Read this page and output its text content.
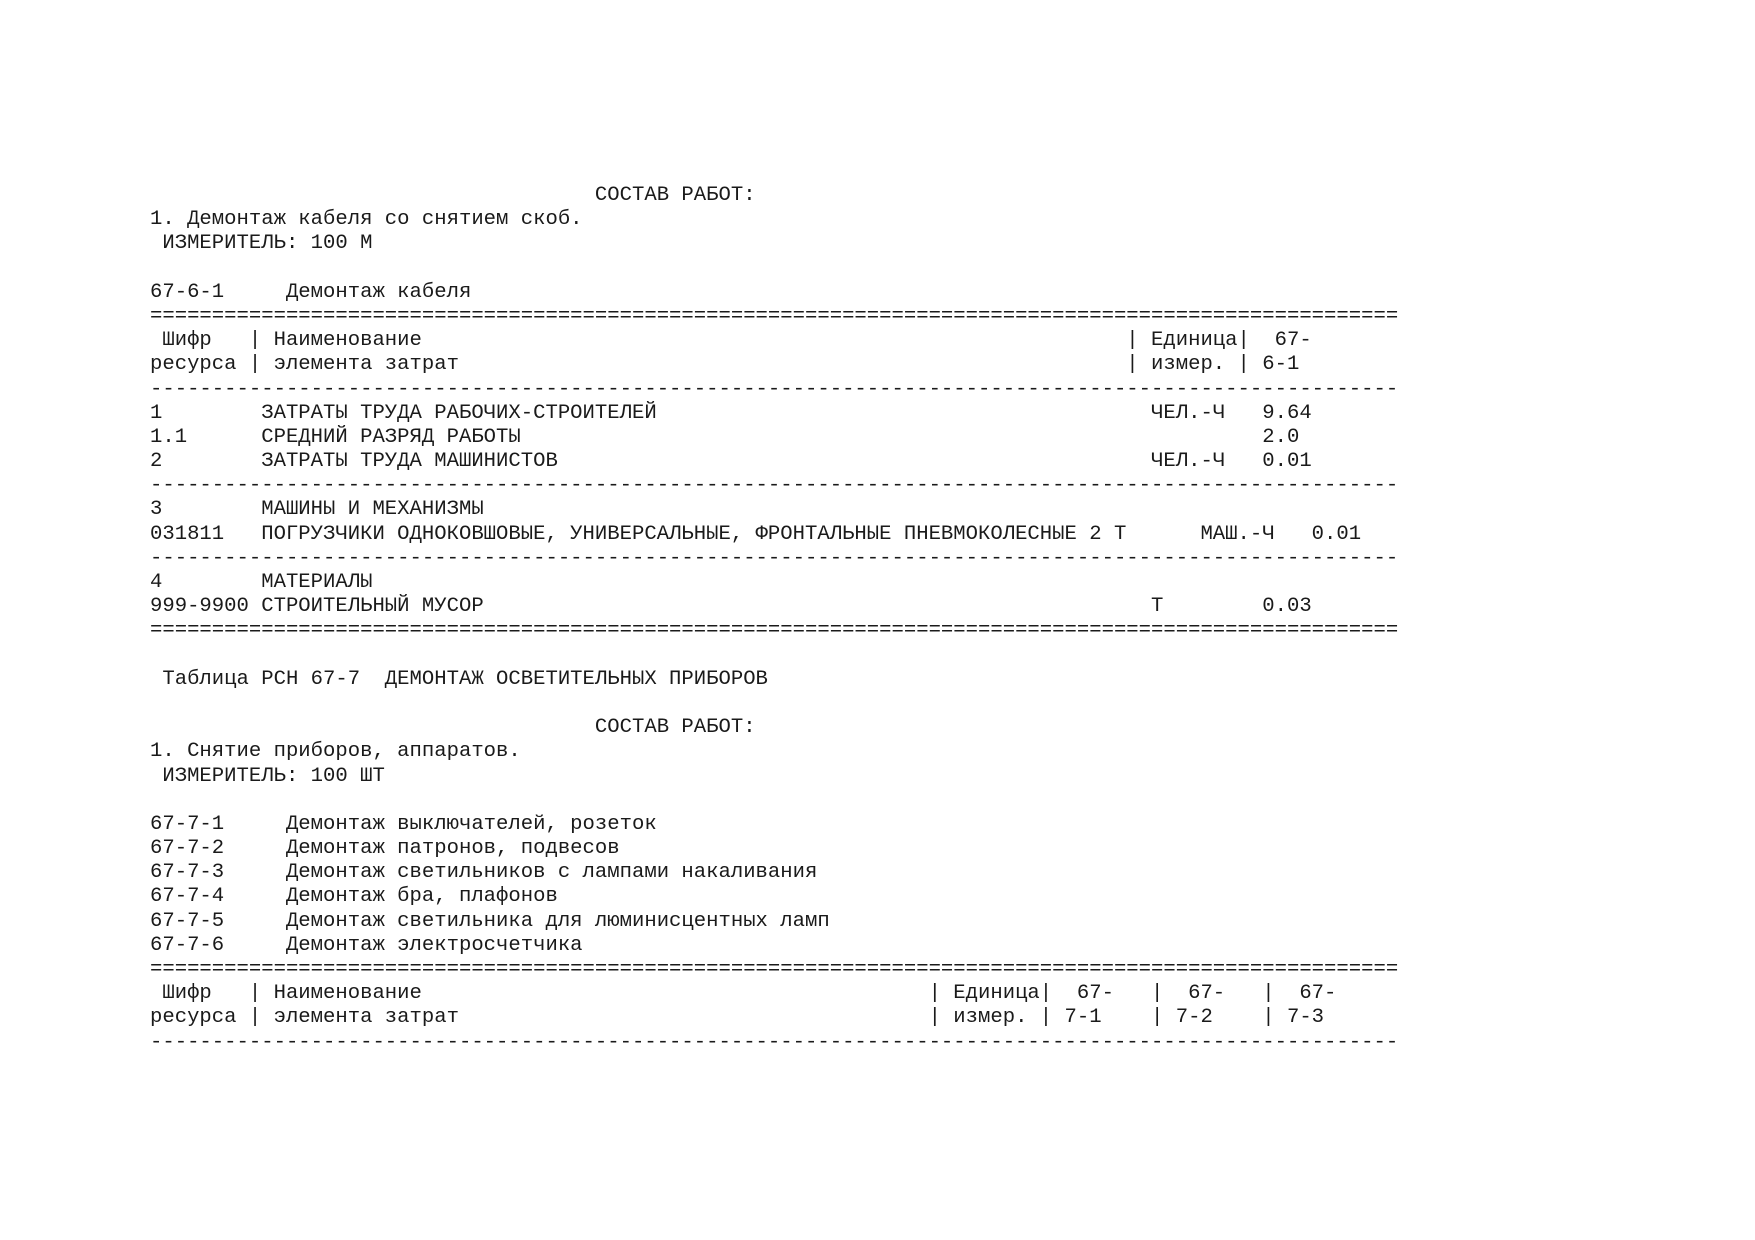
СОСТАВ РАБОТ:
1. Демонтаж кабеля со снятием скоб.
ИЗМЕРИТЕЛЬ: 100 М
67-6-1     Демонтаж кабеля
=====================================================================================================
Шифр   | Наименование                                                         | Единица|  67-
ресурса | элемента затрат                                                      | измер. | 6-1
-----------------------------------------------------------------------------------------------------
1        ЗАТРАТЫ ТРУДА РАБОЧИХ-СТРОИТЕЛЕЙ                                        ЧЕЛ.-Ч   9.64
1.1      СРЕДНИЙ РАЗРЯД РАБОТЫ                                                            2.0
2        ЗАТРАТЫ ТРУДА МАШИНИСТОВ                                                ЧЕЛ.-Ч   0.01
-----------------------------------------------------------------------------------------------------
3        МАШИНЫ И МЕХАНИЗМЫ
031811   ПОГРУЗЧИКИ ОДНОКОВШОВЫЕ, УНИВЕРСАЛЬНЫЕ, ФРОНТАЛЬНЫЕ ПНЕВМОКОЛЕСНЫЕ 2 Т      МАШ.-Ч   0.01
-----------------------------------------------------------------------------------------------------
4        МАТЕРИАЛЫ
999-9900 СТРОИТЕЛЬНЫЙ МУСОР                                                      Т        0.03
=====================================================================================================
Таблица РСН 67-7  ДЕМОНТАЖ ОСВЕТИТЕЛЬНЫХ ПРИБОРОВ
СОСТАВ РАБОТ:
1. Снятие приборов, аппаратов.
ИЗМЕРИТЕЛЬ: 100 ШТ
67-7-1     Демонтаж выключателей, розеток
67-7-2     Демонтаж патронов, подвесов
67-7-3     Демонтаж светильников с лампами накаливания
67-7-4     Демонтаж бра, плафонов
67-7-5     Демонтаж светильника для люминисцентных ламп
67-7-6     Демонтаж электросчетчика
=====================================================================================================
Шифр   | Наименование                                         | Единица|  67-   |  67-   |  67-
ресурса | элемента затрат                                      | измер. | 7-1    | 7-2    | 7-3
-----------------------------------------------------------------------------------------------------
